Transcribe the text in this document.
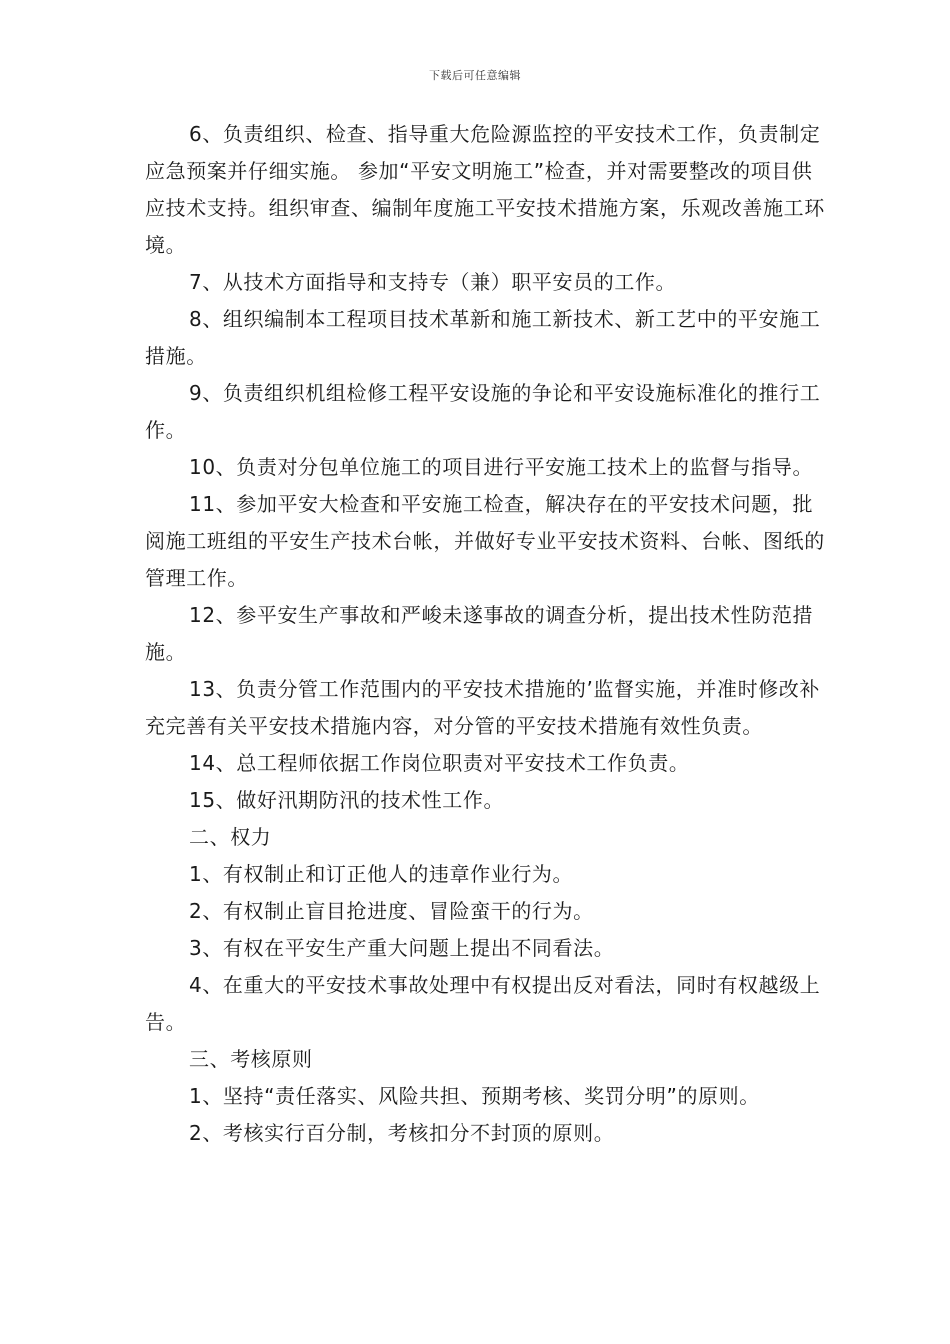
下载后可任意编辑

6、负责组织、检查、指导重大危险源监控的平安技术工作，负责制定应急预案并仔细实施。 参加“平安文明施工”检查，并对需要整改的项目供应技术支持。组织审查、编制年度施工平安技术措施方案，乐观改善施工环境。

7、从技术方面指导和支持专（兼）职平安员的工作。

8、组织编制本工程项目技术革新和施工新技术、新工艺中的平安施工措施。

9、负责组织机组检修工程平安设施的争论和平安设施标准化的推行工作。

10、负责对分包单位施工的项目进行平安施工技术上的监督与指导。

11、参加平安大检查和平安施工检查，解决存在的平安技术问题，批阅施工班组的平安生产技术台帐，并做好专业平安技术资料、台帐、图纸的管理工作。

12、参平安生产事故和严峻未遂事故的调查分析，提出技术性防范措施。

13、负责分管工作范围内的平安技术措施的’监督实施，并准时修改补充完善有关平安技术措施内容，对分管的平安技术措施有效性负责。

14、总工程师依据工作岗位职责对平安技术工作负责。

15、做好汛期防汛的技术性工作。

二、权力

1、有权制止和订正他人的违章作业行为。

2、有权制止盲目抢进度、冒险蛮干的行为。

3、有权在平安生产重大问题上提出不同看法。

4、在重大的平安技术事故处理中有权提出反对看法，同时有权越级上告。

三、考核原则

1、坚持“责任落实、风险共担、预期考核、奖罚分明”的原则。

2、考核实行百分制，考核扣分不封顶的原则。
